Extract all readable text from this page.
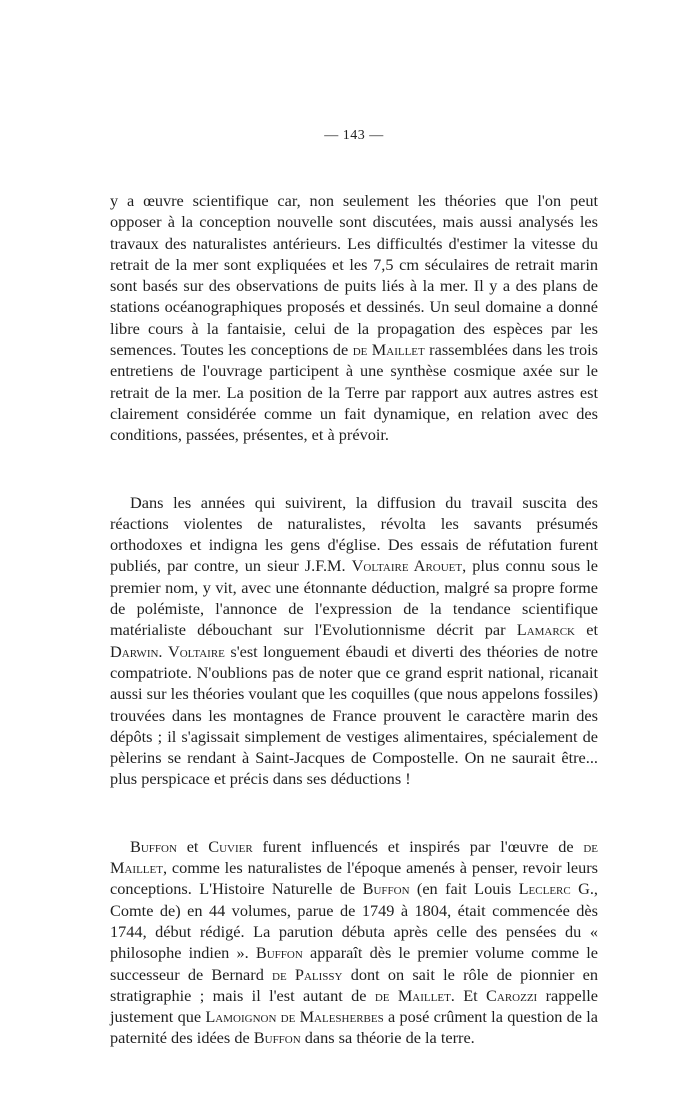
— 143 —

y a œuvre scientifique car, non seulement les théories que l'on peut opposer à la conception nouvelle sont discutées, mais aussi analysés les travaux des naturalistes antérieurs. Les difficultés d'estimer la vitesse du retrait de la mer sont expliquées et les 7,5 cm séculaires de retrait marin sont basés sur des observations de puits liés à la mer. Il y a des plans de stations océanographiques proposés et dessinés. Un seul domaine a donné libre cours à la fantaisie, celui de la propagation des espèces par les semences. Toutes les conceptions de de Maillet rassemblées dans les trois entretiens de l'ouvrage participent à une synthèse cosmique axée sur le retrait de la mer. La position de la Terre par rapport aux autres astres est clairement considérée comme un fait dynamique, en relation avec des conditions, passées, présentes, et à prévoir.

Dans les années qui suivirent, la diffusion du travail suscita des réactions violentes de naturalistes, révolta les savants présumés orthodoxes et indigna les gens d'église. Des essais de réfutation furent publiés, par contre, un sieur J.F.M. Voltaire Arouet, plus connu sous le premier nom, y vit, avec une étonnante déduction, malgré sa propre forme de polémiste, l'annonce de l'expression de la tendance scientifique matérialiste débouchant sur l'Evolutionnisme décrit par Lamarck et Darwin. Voltaire s'est longuement ébaudi et diverti des théories de notre compatriote. N'oublions pas de noter que ce grand esprit national, ricanait aussi sur les théories voulant que les coquilles (que nous appelons fossiles) trouvées dans les montagnes de France prouvent le caractère marin des dépôts ; il s'agissait simplement de vestiges alimentaires, spécialement de pèlerins se rendant à Saint-Jacques de Compostelle. On ne saurait être... plus perspicace et précis dans ses déductions !

Buffon et Cuvier furent influencés et inspirés par l'œuvre de de Maillet, comme les naturalistes de l'époque amenés à penser, revoir leurs conceptions. L'Histoire Naturelle de Buffon (en fait Louis Leclerc G., Comte de) en 44 volumes, parue de 1749 à 1804, était commencée dès 1744, début rédigé. La parution débuta après celle des pensées du « philosophe indien ». Buffon apparaît dès le premier volume comme le successeur de Bernard de Palissy dont on sait le rôle de pionnier en stratigraphie ; mais il l'est autant de de Maillet. Et Carozzi rappelle justement que Lamoignon de Malesherbes a posé crûment la question de la paternité des idées de Buffon dans sa théorie de la terre.
